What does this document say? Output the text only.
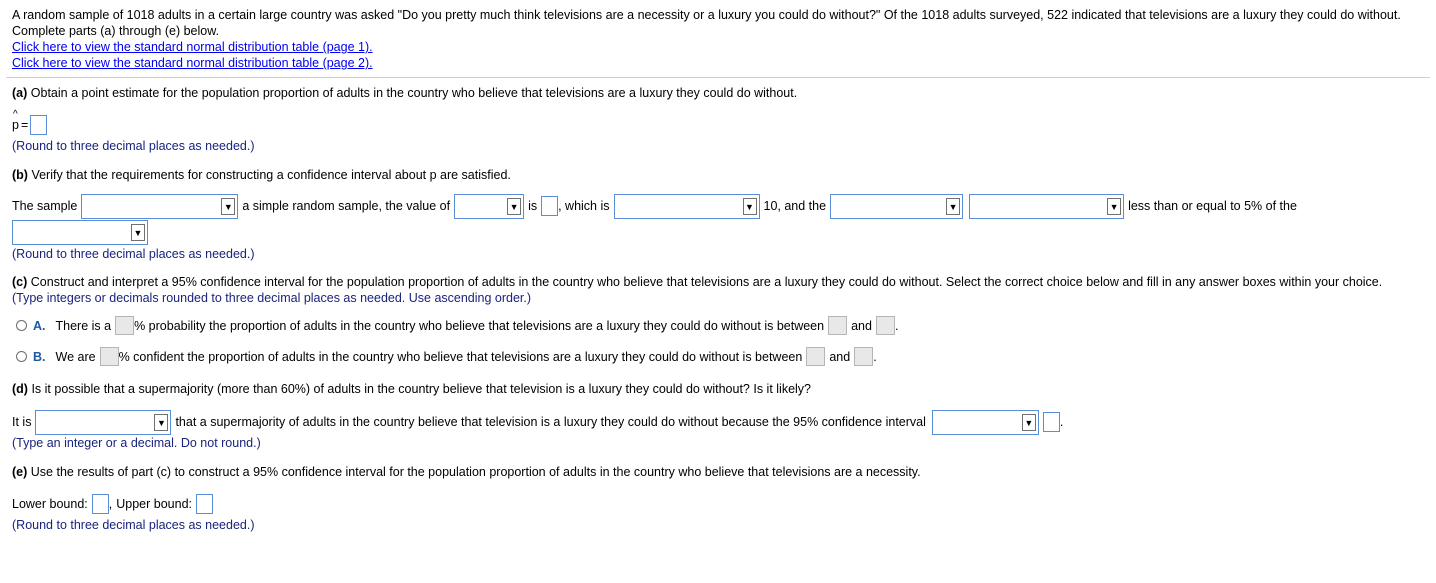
A random sample of 1018 adults in a certain large country was asked "Do you pretty much think televisions are a necessity or a luxury you could do without?" Of the 1018 adults surveyed, 522 indicated that televisions are a luxury they could do without. Complete parts (a) through (e) below.

Click here to view the standard normal distribution table (page 1).
Click here to view the standard normal distribution table (page 2).

(a) Obtain a point estimate for the population proportion of adults in the country who believe that televisions are a luxury they could do without.

^
p =

(Round to three decimal places as needed.)

(b) Verify that the requirements for constructing a confidence interval about p are satisfied.

The sample	▼ a simple random sample, the value of	▼ is , which is	▼ 10, and the	▼	▼ less than or equal to 5% of the
▼

(Round to three decimal places as needed.)

(c) Construct and interpret a 95% confidence interval for the population proportion of adults in the country who believe that televisions are a luxury they could do without. Select the correct choice below and fill in any answer boxes within your choice.

(Type integers or decimals rounded to three decimal places as needed. Use ascending order.)

A. There is a % probability the proportion of adults in the country who believe that televisions are a luxury they could do without is between and .
B. We are % confident the proportion of adults in the country who believe that televisions are a luxury they could do without is between and .

(d) Is it possible that a supermajority (more than 60%) of adults in the country believe that television is a luxury they could do without? Is it likely?

It is	▼ that a supermajority of adults in the country believe that television is a luxury they could do without because the 95% confidence interval	▼ .

(Type an integer or a decimal. Do not round.)

(e) Use the results of part (c) to construct a 95% confidence interval for the population proportion of adults in the country who believe that televisions are a necessity.

Lower bound: , Upper bound:

(Round to three decimal places as needed.)
